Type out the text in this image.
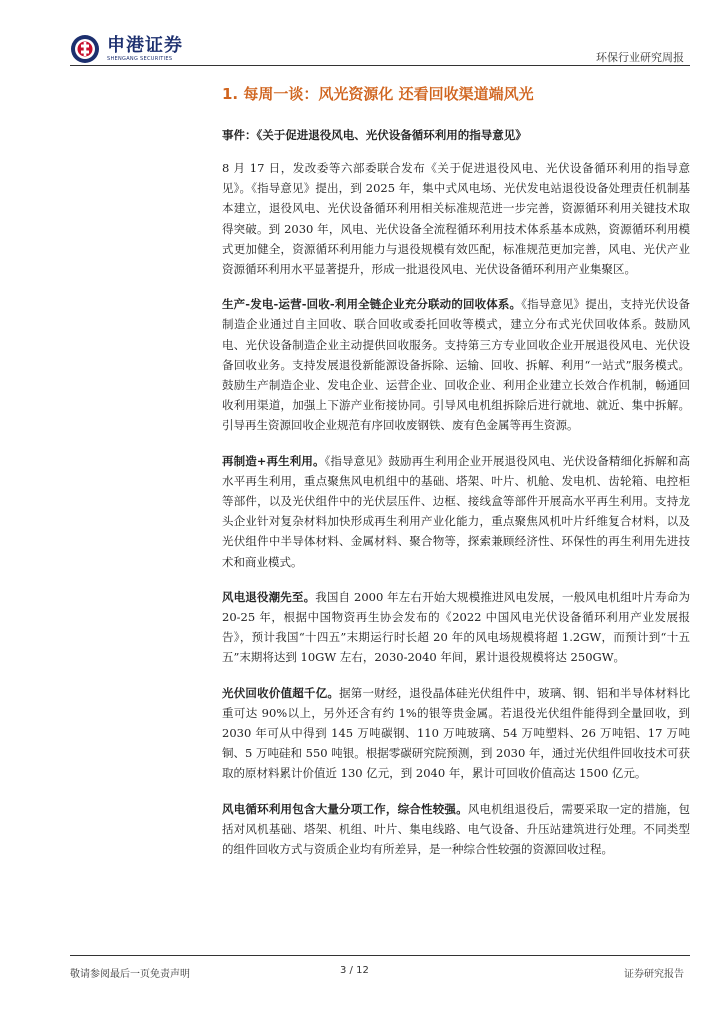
申港证券
SHENGANG SECURITIES	环保行业研究周报
1. 每周一谈：风光资源化 还看回收渠道端风光
事件：《关于促进退役风电、光伏设备循环利用的指导意见》

8 月 17 日，发改委等六部委联合发布《关于促进退役风电、光伏设备循环利用的指导意见》。《指导意见》提出，到 2025 年，集中式风电场、光伏发电站退役设备处理责任机制基本建立，退役风电、光伏设备循环利用相关标准规范进一步完善，资源循环利用关键技术取得突破。到 2030 年，风电、光伏设备全流程循环利用技术体系基本成熟，资源循环利用模式更加健全，资源循环利用能力与退役规模有效匹配，标准规范更加完善，风电、光伏产业资源循环利用水平显著提升，形成一批退役风电、光伏设备循环利用产业集聚区。

生产-发电-运营-回收-利用全链企业充分联动的回收体系。《指导意见》提出，支持光伏设备制造企业通过自主回收、联合回收或委托回收等模式，建立分布式光伏回收体系。鼓励风电、光伏设备制造企业主动提供回收服务。支持第三方专业回收企业开展退役风电、光伏设备回收业务。支持发展退役新能源设备拆除、运输、回收、拆解、利用“一站式”服务模式。鼓励生产制造企业、发电企业、运营企业、回收企业、利用企业建立长效合作机制，畅通回收利用渠道，加强上下游产业衔接协同。引导风电机组拆除后进行就地、就近、集中拆解。引导再生资源回收企业规范有序回收废钢铁、废有色金属等再生资源。

再制造+再生利用。《指导意见》鼓励再生利用企业开展退役风电、光伏设备精细化拆解和高水平再生利用，重点聚焦风电机组中的基础、塔架、叶片、机舱、发电机、齿轮箱、电控柜等部件，以及光伏组件中的光伏层压件、边框、接线盒等部件开展高水平再生利用。支持龙头企业针对复杂材料加快形成再生利用产业化能力，重点聚焦风机叶片纤维复合材料，以及光伏组件中半导体材料、金属材料、聚合物等，探索兼顾经济性、环保性的再生利用先进技术和商业模式。

风电退役潮先至。我国自 2000 年左右开始大规模推进风电发展，一般风电机组叶片寿命为 20-25 年，根据中国物资再生协会发布的《2022 中国风电光伏设备循环利用产业发展报告》，预计我国“十四五”末期运行时长超 20 年的风电场规模将超 1.2GW，而预计到“十五五”末期将达到 10GW 左右，2030-2040 年间，累计退役规模将达 250GW。

光伏回收价值超千亿。据第一财经，退役晶体硅光伏组件中，玻璃、钢、铝和半导体材料比重可达 90%以上，另外还含有约 1%的银等贵金属。若退役光伏组件能得到全量回收，到 2030 年可从中得到 145 万吨碳钢、110 万吨玻璃、54 万吨塑料、26 万吨铝、17 万吨铜、5 万吨硅和 550 吨银。根据零碳研究院预测，到 2030 年，通过光伏组件回收技术可获取的原材料累计价值近 130 亿元，到 2040 年，累计可回收价值高达 1500 亿元。

风电循环利用包含大量分项工作，综合性较强。风电机组退役后，需要采取一定的措施，包括对风机基础、塔架、机组、叶片、集电线路、电气设备、升压站建筑进行处理。不同类型的组件回收方式与资质企业均有所差异，是一种综合性较强的资源回收过程。

敬请参阅最后一页免责声明	3 / 12	证券研究报告
